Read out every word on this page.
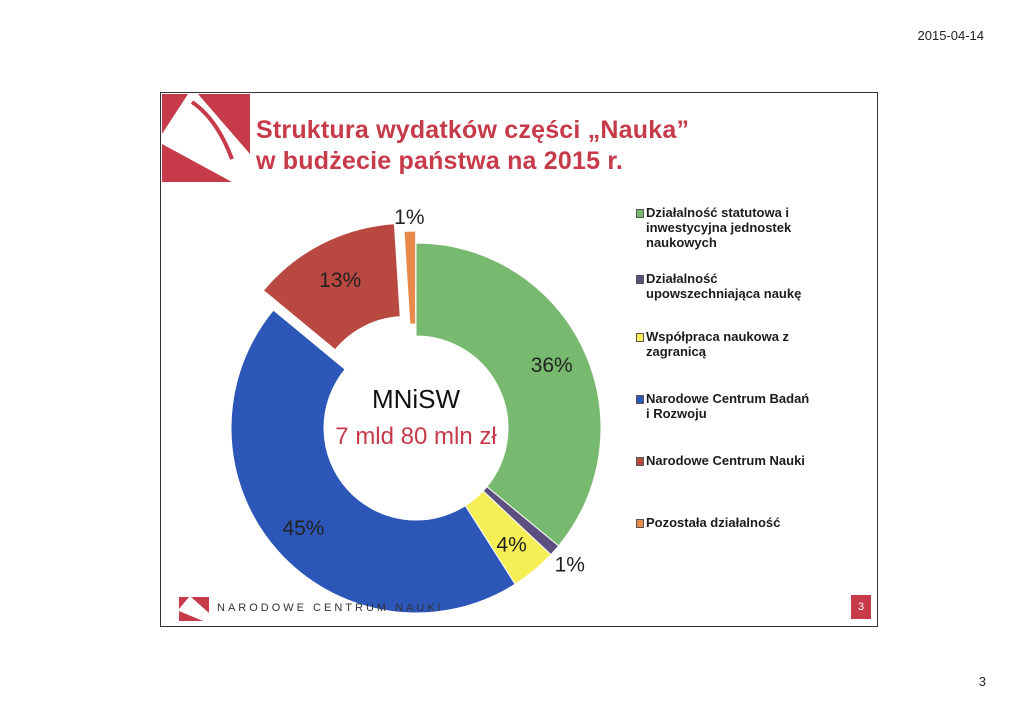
2015-04-14
Struktura wydatków części „Nauka”
w budżecie państwa na 2015 r.
36%
1%
4%
45%
13%
1%
MNiSW
7 mld 80 mln zł
Działalność statutowa i inwestycyjna jednostek naukowych
Działalność upowszechniająca naukę
Współpraca naukowa z zagranicą
Narodowe Centrum Badań i Rozwoju
Narodowe Centrum Nauki
Pozostała działalność
NARODOWE CENTRUM NAUKI	3
3
